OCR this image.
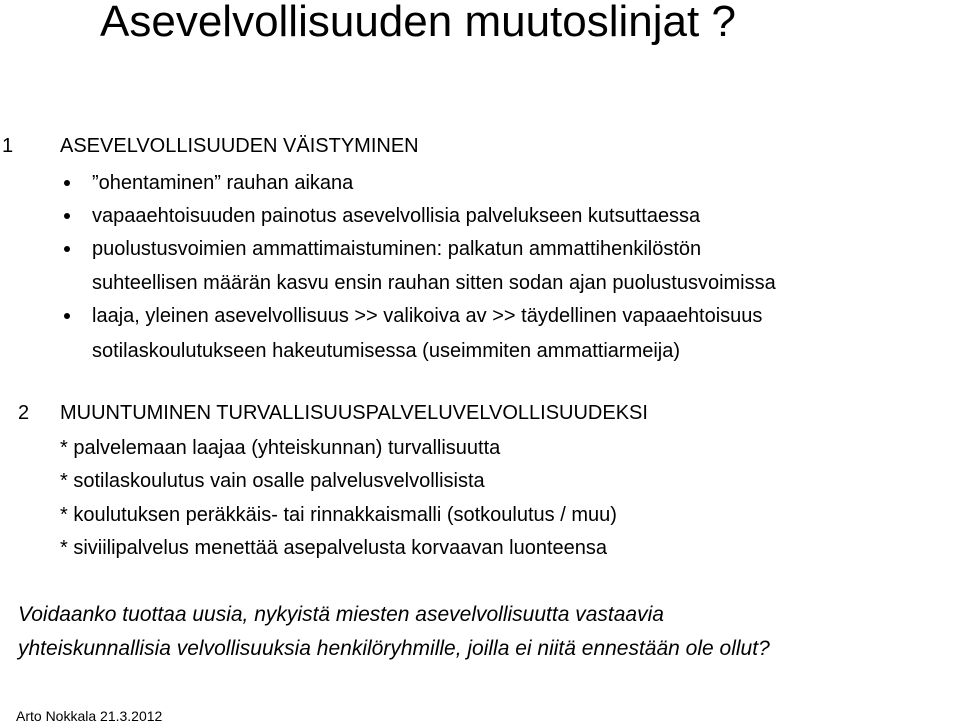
Asevelvollisuuden muutoslinjat ?
1 ASEVELVOLLISUUDEN VÄISTYMINEN
”ohentaminen” rauhan aikana
vapaaehtoisuuden painotus asevelvollisia palvelukseen kutsuttaessa
puolustusvoimien ammattimaistuminen: palkatun ammattihenkilöstön
suhteellisen määrän kasvu ensin rauhan sitten sodan ajan puolustusvoimissa
laaja, yleinen asevelvollisuus >> valikoiva av >> täydellinen vapaaehtoisuus
sotilaskoulutukseen hakeutumisessa (useimmiten ammattiarmeija)
2 MUUNTUMINEN TURVALLISUUSPALVELUVELVOLLISUUDEKSI
* palvelemaan laajaa (yhteiskunnan) turvallisuutta
* sotilaskoulutus vain osalle palvelusvelvollisista
* koulutuksen peräkkäis- tai rinnakkaismalli (sotkoulutus / muu)
* siviilipalvelus menettää asepalvelusta korvaavan luonteensa
Voidaanko tuottaa uusia, nykyistä miesten asevelvollisuutta vastaavia
yhteiskunnallisia velvollisuuksia henkilöryhmille, joilla ei niitä ennestään ole ollut?
Arto Nokkala 21.3.2012
